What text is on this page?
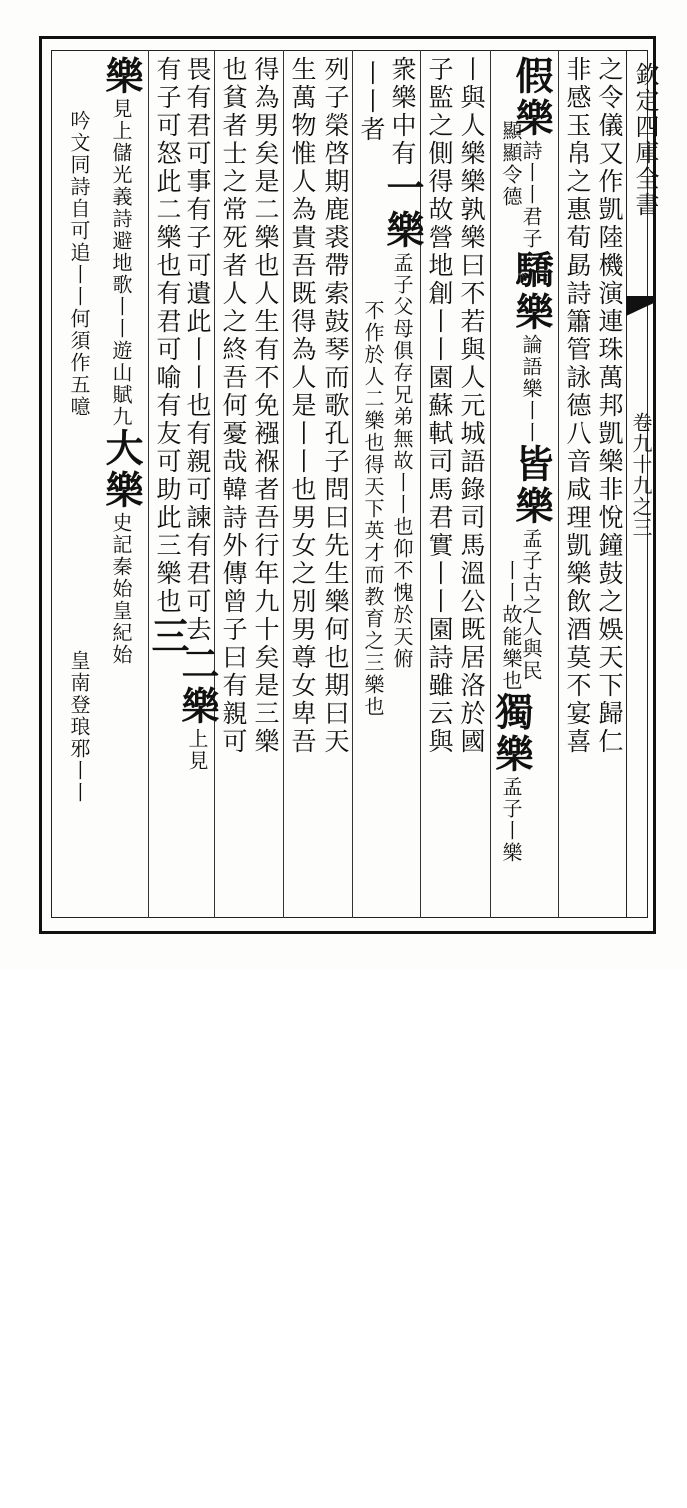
欽定四庫全書
卷九十九之三
之令儀又作凱陸機演連珠萬邦凱樂非悅鐘鼓之娛天下歸仁
非感玉帛之惠荀勗詩簫管詠德八音咸理凱樂飲酒莫不宴喜
假樂詩丨丨君子驕樂論語樂丨丨皆樂孟子古之人與民
顯顯令德
丨丨故能樂也獨樂孟子丨樂
丨與人樂樂孰樂曰不若與人元城語錄司馬溫公既居洛於國
子監之側得故營地創丨丨園蘇軾司馬君實丨丨園詩雖云與
衆樂中有一樂孟子父母俱存兄弟無故丨丨也仰不愧於天俯
不作於人二樂也得天下英才而教育之三樂也
丨丨者
列子榮啓期鹿裘帶索鼓琴而歌孔子問曰先生樂何也期曰天
生萬物惟人為貴吾既得為人是丨丨也男女之別男尊女卑吾
得為男矣是二樂也人生有不免襁褓者吾行年九十矣是三樂
也貧者士之常死者人之終吾何憂哉韓詩外傳曾子曰有親可
畏有君可事有子可遺此丨丨也有親可諫有君可去二樂上見
有子可怒此二樂也有君可喻有友可助此三樂也三
樂見上儲光義詩避地歌丨丨遊山賦九大樂史記秦始皇紀始
吟文同詩自可追丨丨何須作五噫
皇南登琅邪丨丨
